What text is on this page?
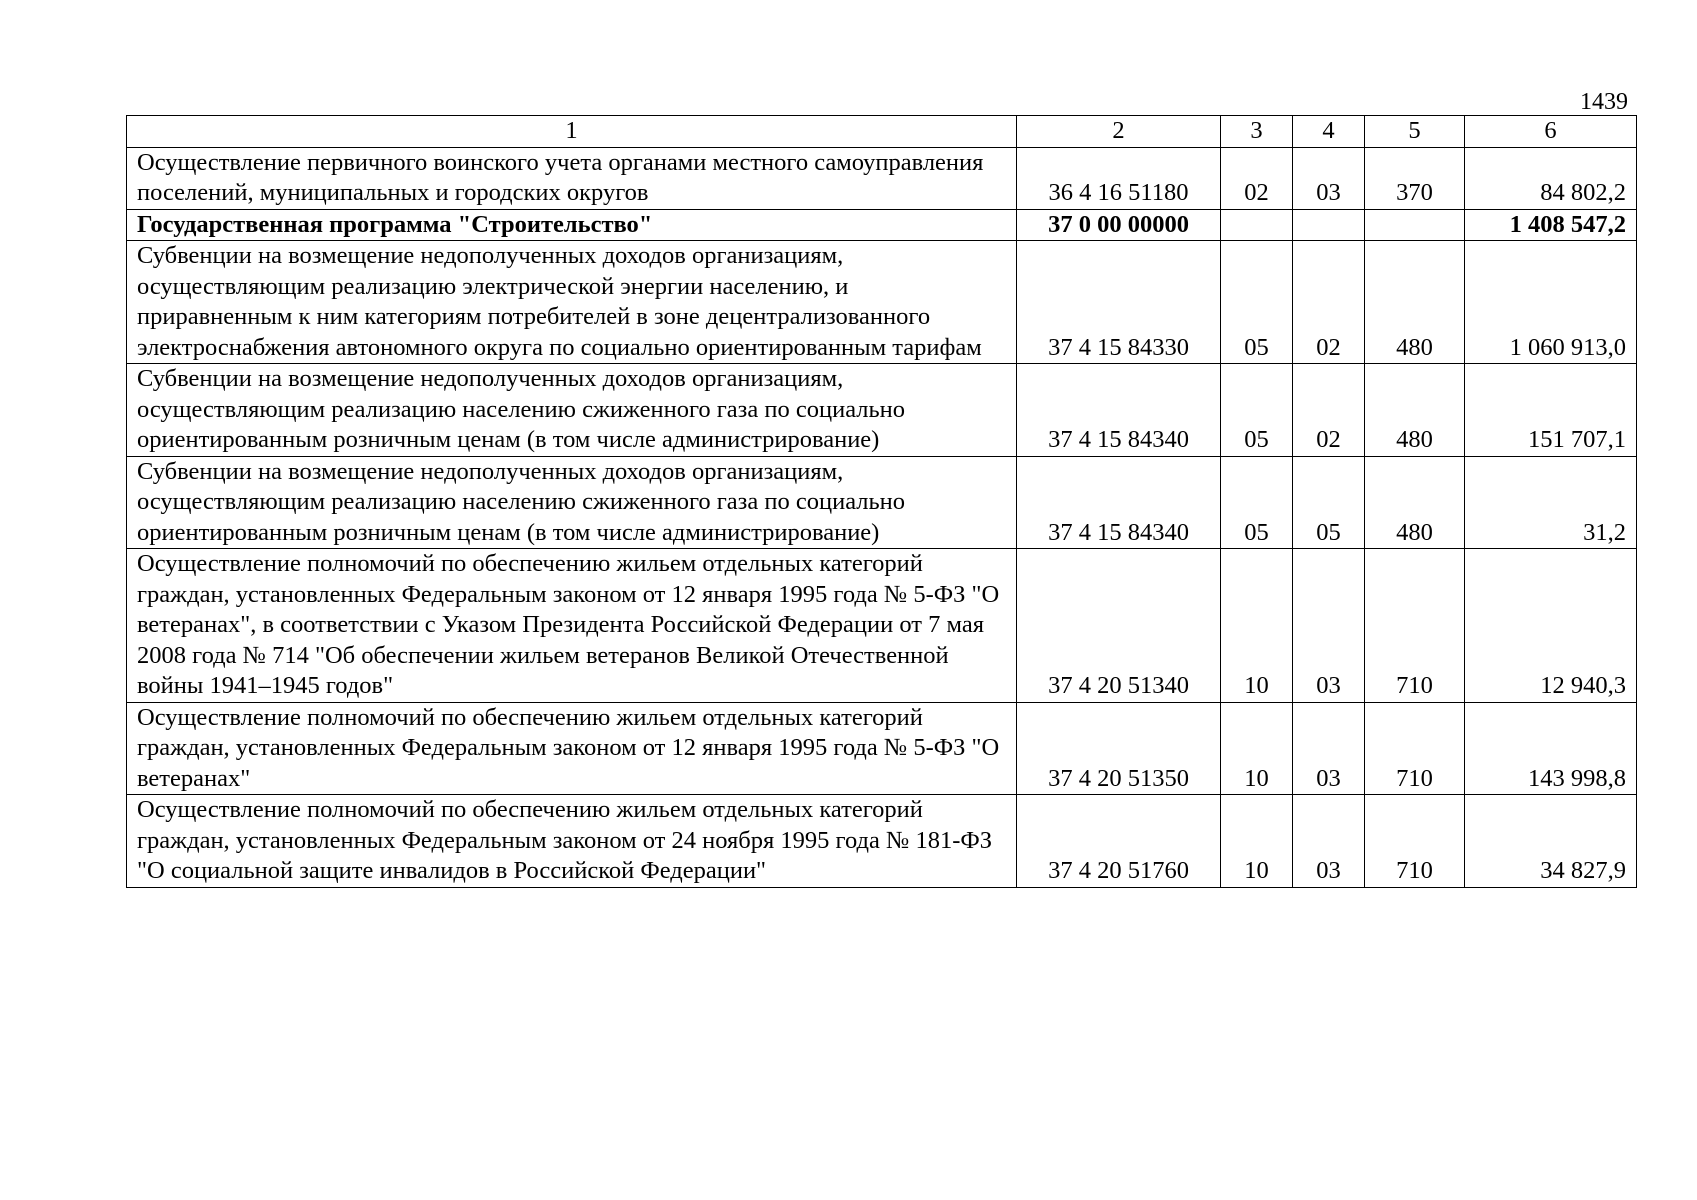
1439
1	2	3	4	5	6
Осуществление первичного воинского учета органами местного самоуправления поселений, муниципальных и городских округов	36 4 16 51180	02	03	370	84 802,2
Государственная программа "Строительство"	37 0 00 00000				1 408 547,2
Субвенции на возмещение недополученных доходов организациям, осуществляющим реализацию электрической энергии населению, и приравненным к ним категориям потребителей в зоне децентрализованного электроснабжения автономного округа по социально ориентированным тарифам	37 4 15 84330	05	02	480	1 060 913,0
Субвенции на возмещение недополученных доходов организациям, осуществляющим реализацию населению сжиженного газа по социально ориентированным розничным ценам (в том числе администрирование)	37 4 15 84340	05	02	480	151 707,1
Субвенции на возмещение недополученных доходов организациям, осуществляющим реализацию населению сжиженного газа по социально ориентированным розничным ценам (в том числе администрирование)	37 4 15 84340	05	05	480	31,2
Осуществление полномочий по обеспечению жильем отдельных категорий граждан, установленных Федеральным законом от 12 января 1995 года № 5-ФЗ "О ветеранах", в соответствии с Указом Президента Российской Федерации от 7 мая 2008 года № 714 "Об обеспечении жильем ветеранов Великой Отечественной войны 1941–1945 годов"	37 4 20 51340	10	03	710	12 940,3
Осуществление полномочий по обеспечению жильем отдельных категорий граждан, установленных Федеральным законом от 12 января 1995 года № 5-ФЗ "О ветеранах"	37 4 20 51350	10	03	710	143 998,8
Осуществление полномочий по обеспечению жильем отдельных категорий граждан, установленных Федеральным законом от 24 ноября 1995 года № 181-ФЗ "О социальной защите инвалидов в Российской Федерации"	37 4 20 51760	10	03	710	34 827,9
